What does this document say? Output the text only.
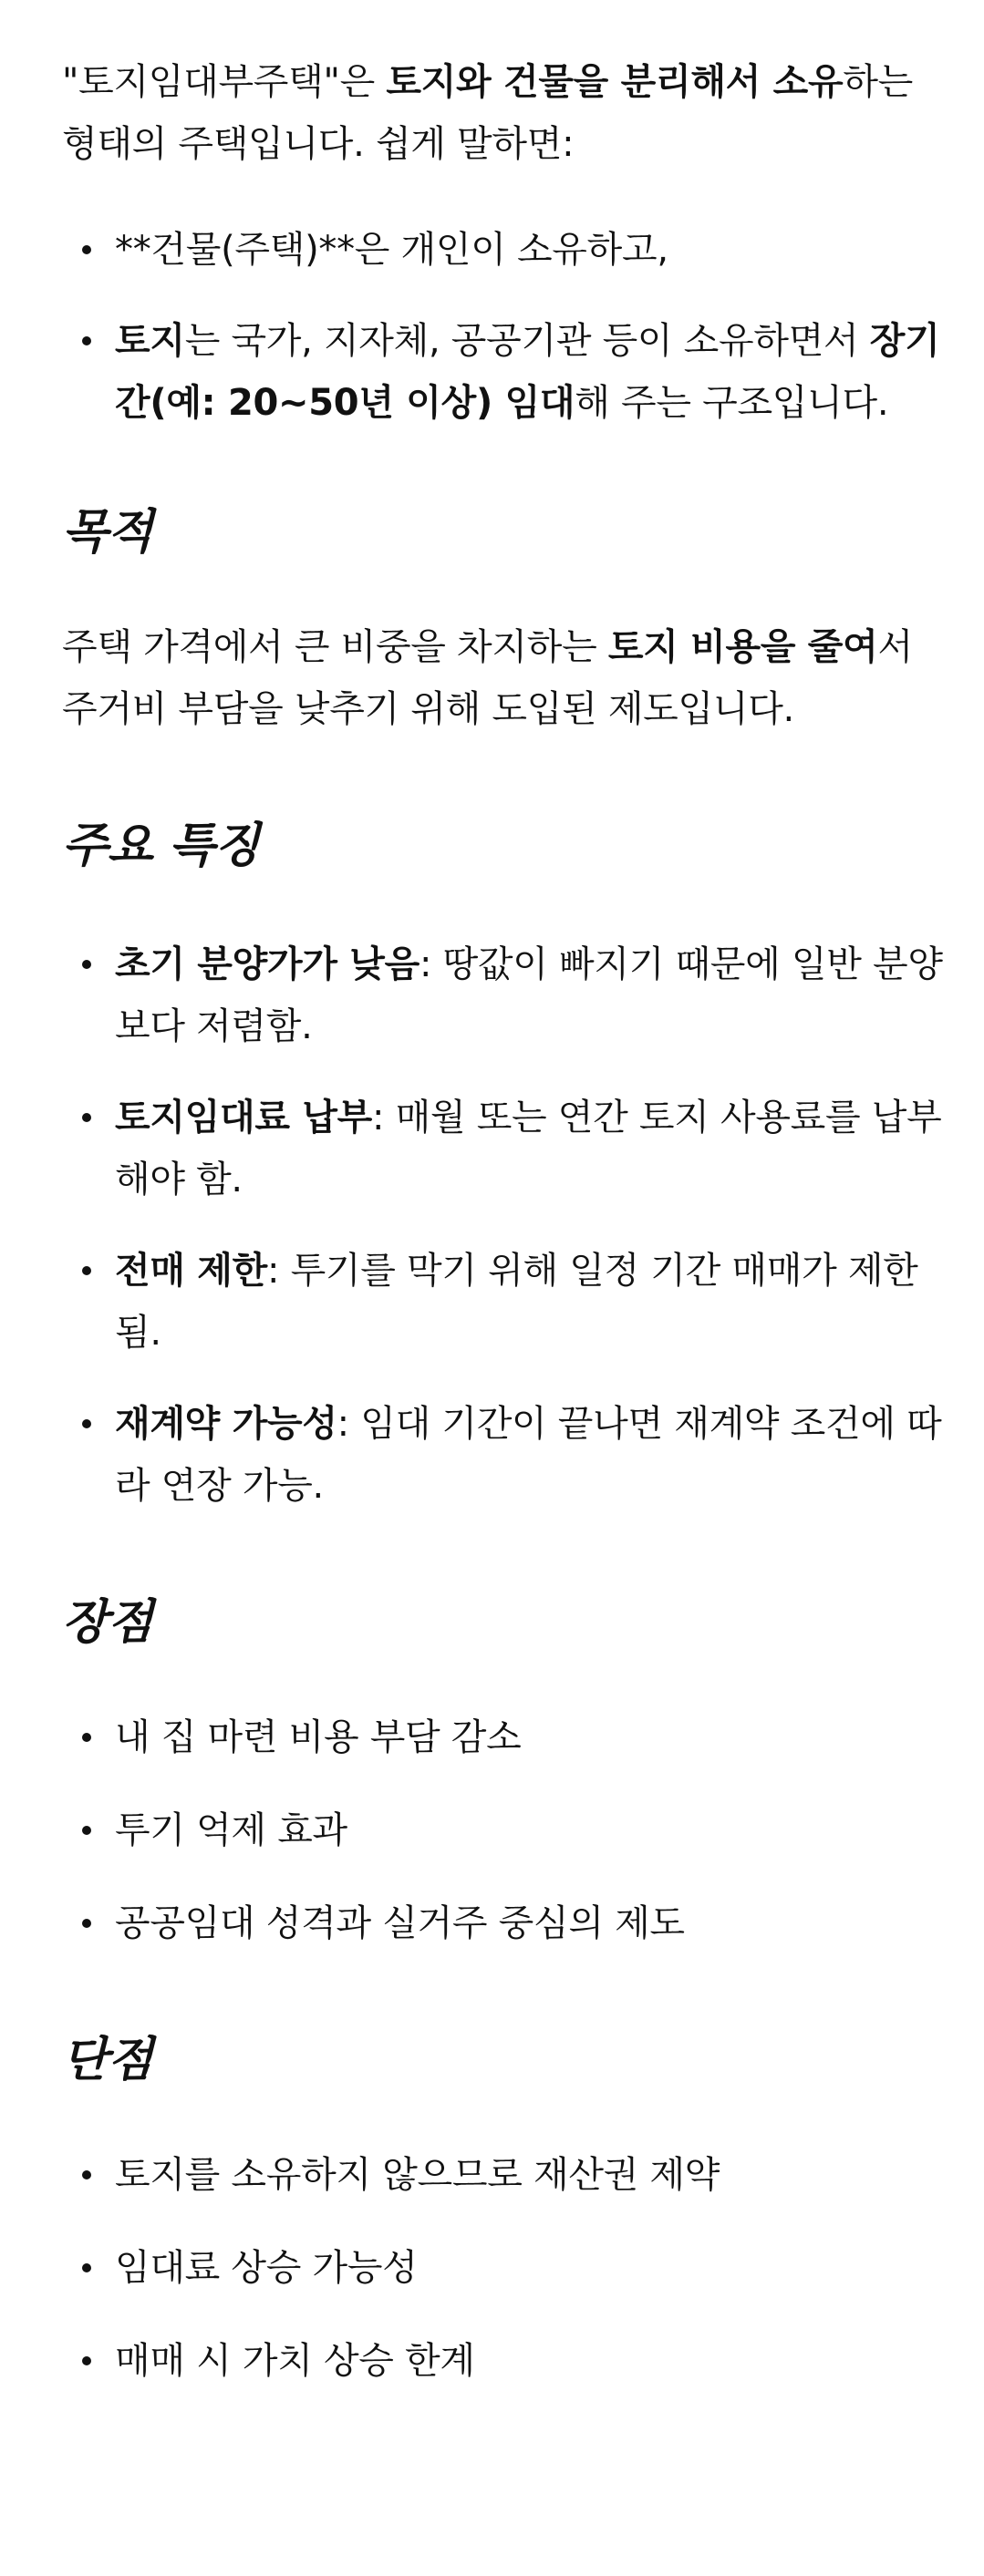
"토지임대부주택"은 토지와 건물을 분리해서 소유하는 형태의 주택입니다. 쉽게 말하면:

**건물(주택)**은 개인이 소유하고,
토지는 국가, 지자체, 공공기관 등이 소유하면서 장기간(예: 20~50년 이상) 임대해 주는 구조입니다.
목적

주택 가격에서 큰 비중을 차지하는 토지 비용을 줄여서 주거비 부담을 낮추기 위해 도입된 제도입니다.

주요 특징
초기 분양가가 낮음: 땅값이 빠지기 때문에 일반 분양보다 저렴함.
토지임대료 납부: 매월 또는 연간 토지 사용료를 납부해야 함.
전매 제한: 투기를 막기 위해 일정 기간 매매가 제한됨.
재계약 가능성: 임대 기간이 끝나면 재계약 조건에 따라 연장 가능.
장점
내 집 마련 비용 부담 감소
투기 억제 효과
공공임대 성격과 실거주 중심의 제도
단점
토지를 소유하지 않으므로 재산권 제약
임대료 상승 가능성
매매 시 가치 상승 한계
